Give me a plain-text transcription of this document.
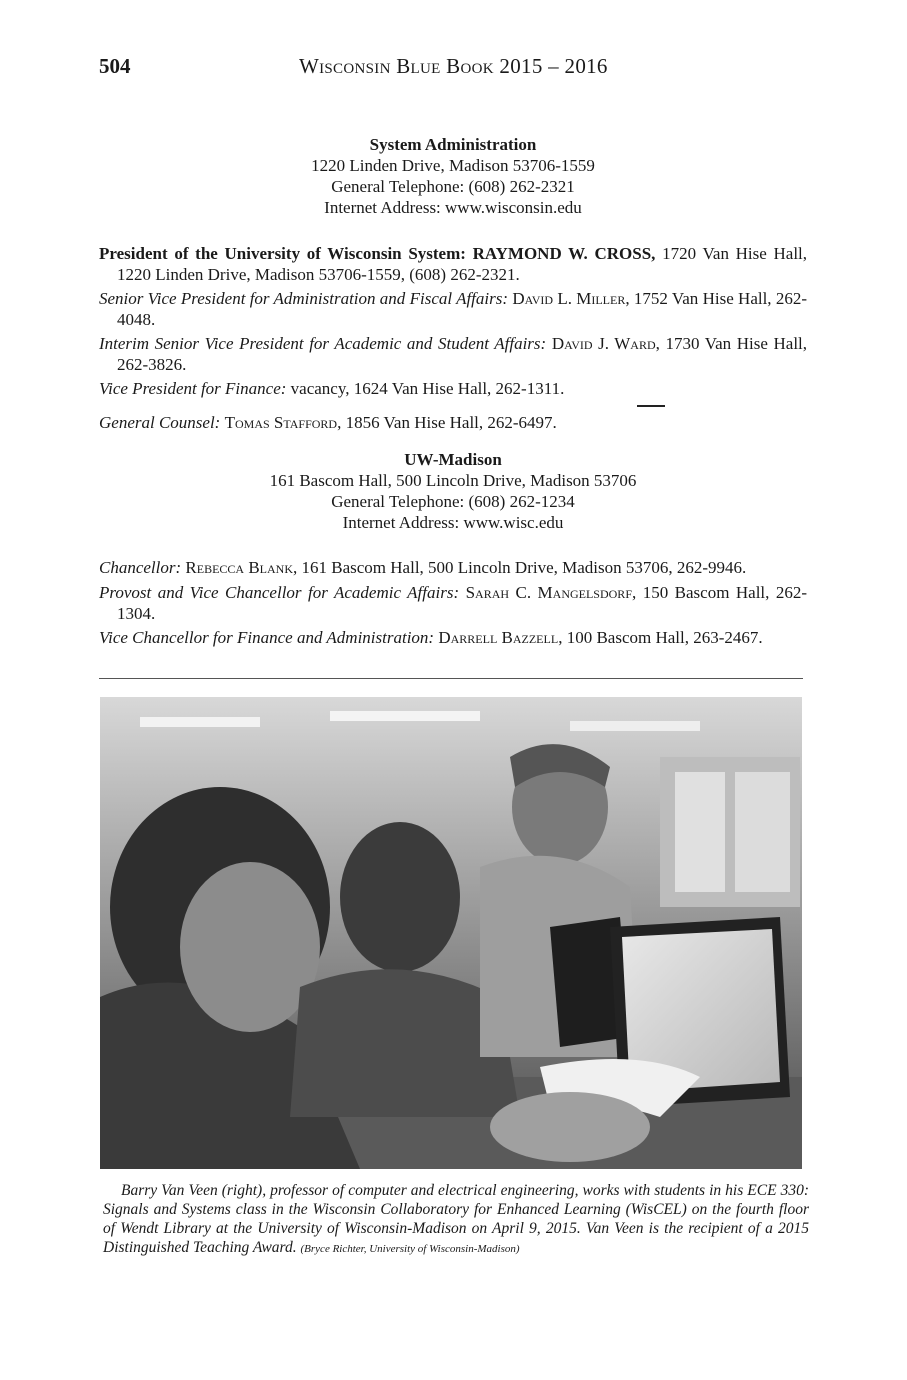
504	Wisconsin Blue Book 2015 – 2016
System Administration
1220 Linden Drive, Madison 53706-1559
General Telephone: (608) 262-2321
Internet Address: www.wisconsin.edu
President of the University of Wisconsin System: RAYMOND W. CROSS, 1720 Van Hise Hall, 1220 Linden Drive, Madison 53706-1559, (608) 262-2321.
Senior Vice President for Administration and Fiscal Affairs: David L. Miller, 1752 Van Hise Hall, 262-4048.
Interim Senior Vice President for Academic and Student Affairs: David J. Ward, 1730 Van Hise Hall, 262-3826.
Vice President for Finance: vacancy, 1624 Van Hise Hall, 262-1311.
General Counsel: Tomas Stafford, 1856 Van Hise Hall, 262-6497.
UW-Madison
161 Bascom Hall, 500 Lincoln Drive, Madison 53706
General Telephone: (608) 262-1234
Internet Address: www.wisc.edu
Chancellor: Rebecca Blank, 161 Bascom Hall, 500 Lincoln Drive, Madison 53706, 262-9946.
Provost and Vice Chancellor for Academic Affairs: Sarah C. Mangelsdorf, 150 Bascom Hall, 262-1304.
Vice Chancellor for Finance and Administration: Darrell Bazzell, 100 Bascom Hall, 263-2467.
Barry Van Veen (right), professor of computer and electrical engineering, works with students in his ECE 330: Signals and Systems class in the Wisconsin Collaboratory for Enhanced Learning (WisCEL) on the fourth floor of Wendt Library at the University of Wisconsin-Madison on April 9, 2015. Van Veen is the recipient of a 2015 Distinguished Teaching Award. (Bryce Richter, University of Wisconsin-Madison)
